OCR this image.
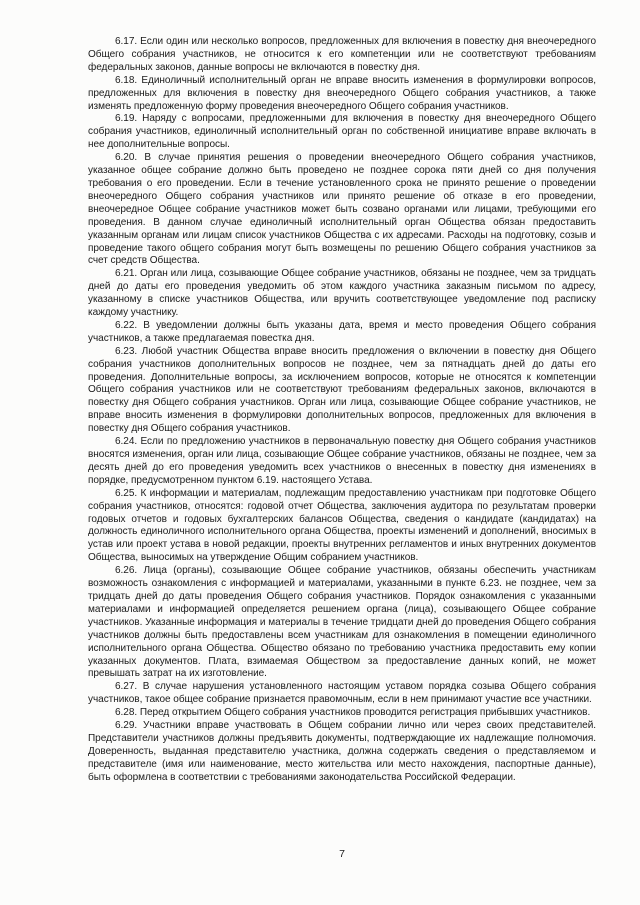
6.17. Если один или несколько вопросов, предложенных для включения в повестку дня внеочередного Общего собрания участников, не относится к его компетенции или не соответствуют требованиям федеральных законов, данные вопросы не включаются в повестку дня.

6.18. Единоличный исполнительный орган не вправе вносить изменения в формулировки вопросов, предложенных для включения в повестку дня внеочередного Общего собрания участников, а также изменять предложенную форму проведения внеочередного Общего собрания участников.

6.19. Наряду с вопросами, предложенными для включения в повестку дня внеочередного Общего собрания участников, единоличный исполнительный орган по собственной инициативе вправе включать в нее дополнительные вопросы.

6.20. В случае принятия решения о проведении внеочередного Общего собрания участников, указанное общее собрание должно быть проведено не позднее сорока пяти дней со дня получения требования о его проведении. Если в течение установленного срока не принято решение о проведении внеочередного Общего собрания участников или принято решение об отказе в его проведении, внеочередное Общее собрание участников может быть созвано органами или лицами, требующими его проведения. В данном случае единоличный исполнительный орган Общества обязан предоставить указанным органам или лицам список участников Общества с их адресами. Расходы на подготовку, созыв и проведение такого общего собрания могут быть возмещены по решению Общего собрания участников за счет средств Общества.

6.21. Орган или лица, созывающие Общее собрание участников, обязаны не позднее, чем за тридцать дней до даты его проведения уведомить об этом каждого участника заказным письмом по адресу, указанному в списке участников Общества, или вручить соответствующее уведомление под расписку каждому участнику.

6.22. В уведомлении должны быть указаны дата, время и место проведения Общего собрания участников, а также предлагаемая повестка дня.

6.23. Любой участник Общества вправе вносить предложения о включении в повестку дня Общего собрания участников дополнительных вопросов не позднее, чем за пятнадцать дней до даты его проведения. Дополнительные вопросы, за исключением вопросов, которые не относятся к компетенции Общего собрания участников или не соответствуют требованиям федеральных законов, включаются в повестку дня Общего собрания участников. Орган или лица, созывающие Общее собрание участников, не вправе вносить изменения в формулировки дополнительных вопросов, предложенных для включения в повестку дня Общего собрания участников.

6.24. Если по предложению участников в первоначальную повестку дня Общего собрания участников вносятся изменения, орган или лица, созывающие Общее собрание участников, обязаны не позднее, чем за десять дней до его проведения уведомить всех участников о внесенных в повестку дня изменениях в порядке, предусмотренном пунктом 6.19. настоящего Устава.

6.25. К информации и материалам, подлежащим предоставлению участникам при подготовке Общего собрания участников, относятся: годовой отчет Общества, заключения аудитора по результатам проверки годовых отчетов и годовых бухгалтерских балансов Общества, сведения о кандидате (кандидатах) на должность единоличного исполнительного органа Общества, проекты изменений и дополнений, вносимых в устав или проект устава в новой редакции, проекты внутренних регламентов и иных внутренних документов Общества, выносимых на утверждение Общим собранием участников.

6.26. Лица (органы), созывающие Общее собрание участников, обязаны обеспечить участникам возможность ознакомления с информацией и материалами, указанными в пункте 6.23. не позднее, чем за тридцать дней до даты проведения Общего собрания участников. Порядок ознакомления с указанными материалами и информацией определяется решением органа (лица), созывающего Общее собрание участников. Указанные информация и материалы в течение тридцати дней до проведения Общего собрания участников должны быть предоставлены всем участникам для ознакомления в помещении единоличного исполнительного органа Общества. Общество обязано по требованию участника предоставить ему копии указанных документов. Плата, взимаемая Обществом за предоставление данных копий, не может превышать затрат на их изготовление.

6.27. В случае нарушения установленного настоящим уставом порядка созыва Общего собрания участников, такое общее собрание признается правомочным, если в нем принимают участие все участники.

6.28. Перед открытием Общего собрания участников проводится регистрация прибывших участников.

6.29. Участники вправе участвовать в Общем собрании лично или через своих представителей. Представители участников должны предъявить документы, подтверждающие их надлежащие полномочия. Доверенность, выданная представителю участника, должна содержать сведения о представляемом и представителе (имя или наименование, место жительства или место нахождения, паспортные данные), быть оформлена в соответствии с требованиями законодательства Российской Федерации.

7
